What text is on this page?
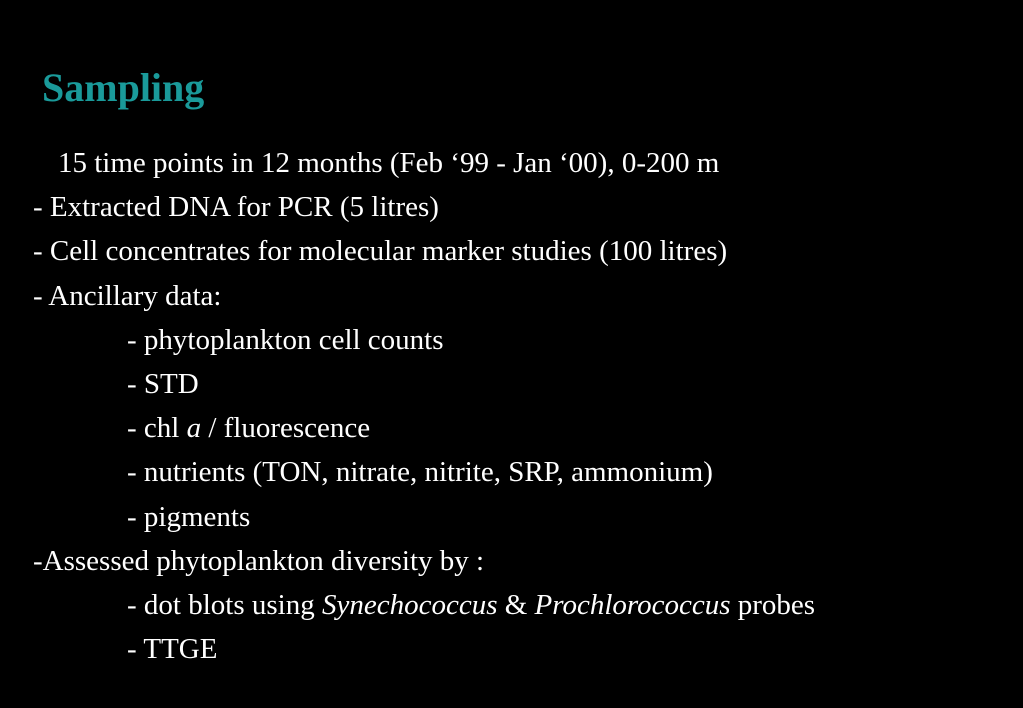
Sampling
15 time points in 12 months (Feb ‘99 - Jan ‘00), 0-200 m
- Extracted DNA for PCR (5 litres)
- Cell concentrates for molecular marker studies (100 litres)
- Ancillary data:
- phytoplankton cell counts
- STD
- chl a / fluorescence
- nutrients (TON, nitrate, nitrite, SRP, ammonium)
- pigments
-Assessed phytoplankton diversity by :
- dot blots using Synechococcus & Prochlorococcus probes
- TTGE
